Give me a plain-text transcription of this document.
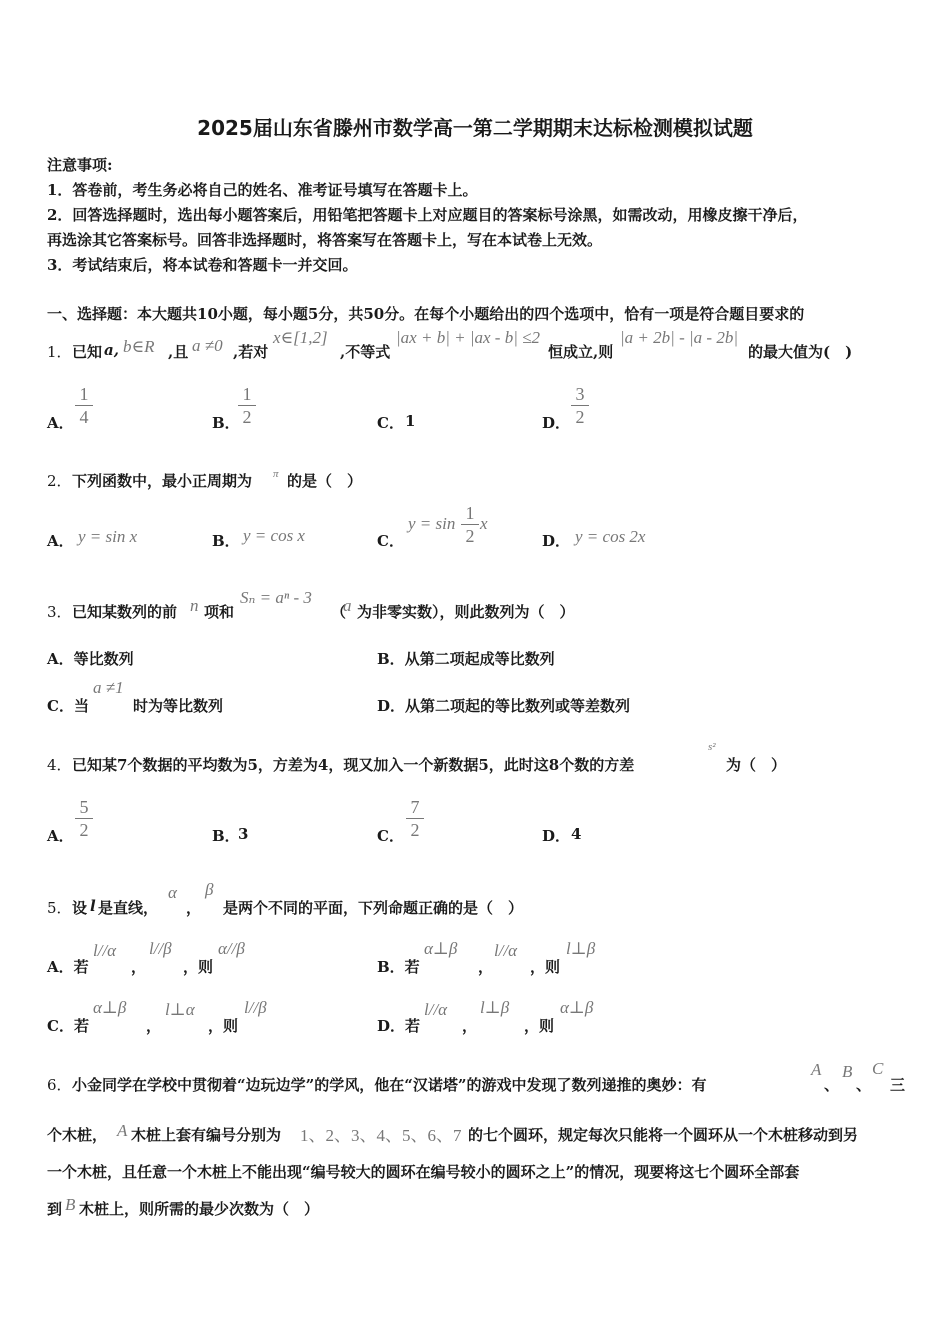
2025届山东省滕州市数学高一第二学期期末达标检测模拟试题
注意事项:
1．答卷前，考生务必将自己的姓名、准考证号填写在答题卡上。
2．回答选择题时，选出每小题答案后，用铅笔把答题卡上对应题目的答案标号涂黑，如需改动，用橡皮擦干净后，
再选涂其它答案标号。回答非选择题时，将答案写在答题卡上，写在本试卷上无效。
3．考试结束后，将本试卷和答题卡一并交回。
一、选择题：本大题共10小题，每小题5分，共50分。在每个小题给出的四个选项中，恰有一项是符合题目要求的
1． 已知 a, b∈R ,且 a ≠0 ,若对
x∈[1,2]
,不等式
|ax + b| + |ax - b| ≤2
恒成立,则
|a + 2b| - |a - 2b|
的最大值为(　)
A．
1
4	B．
1
2	C． 1	D．
3
2
2． 下列函数中，最小正周期为 π 的是（　）
A． y = sin x	B． y = cos x	C．
y = sin
1
2
x
D． y = cos 2x
3． 已知某数列的前 n 项和
Sₙ = aⁿ - 3
（
a 为非零实数），则此数列为（　）
A．等比数列	B．从第二项起成等比数列
C．当
a ≠1
时为等比数列	D．从第二项起的等比数列或等差数列
4． 已知某7个数据的平均数为5，方差为4，现又加入一个新数据5，此时这8个数的方差
s²
为（　）
A．
5
2	B．
3	C．
7
2	D． 4
5． 设 l 是直线，
α
，
β
是两个不同的平面，下列命题正确的是（　）
A．若
l//α
，
l//β
，则
α//β
B．若
α⊥β
，
l//α
，则
l⊥β
C．若
α⊥β
，
l⊥α
，则
l//β
D．若
l//α
，
l⊥β
，则
α⊥β
6． 小金同学在学校中贯彻着“边玩边学”的学风，他在“汉诺塔”的游戏中发现了数列递推的奥妙：有
A
、
B
、
C
三
个木桩， A 木桩上套有编号分别为 1、2、3、4、5、6、7 的七个圆环，规定每次只能将一个圆环从一个木桩移动到另
一个木桩，且任意一个木桩上不能出现“编号较大的圆环在编号较小的圆环之上”的情况，现要将这七个圆环全部套
到 B 木桩上，则所需的最少次数为（　）
